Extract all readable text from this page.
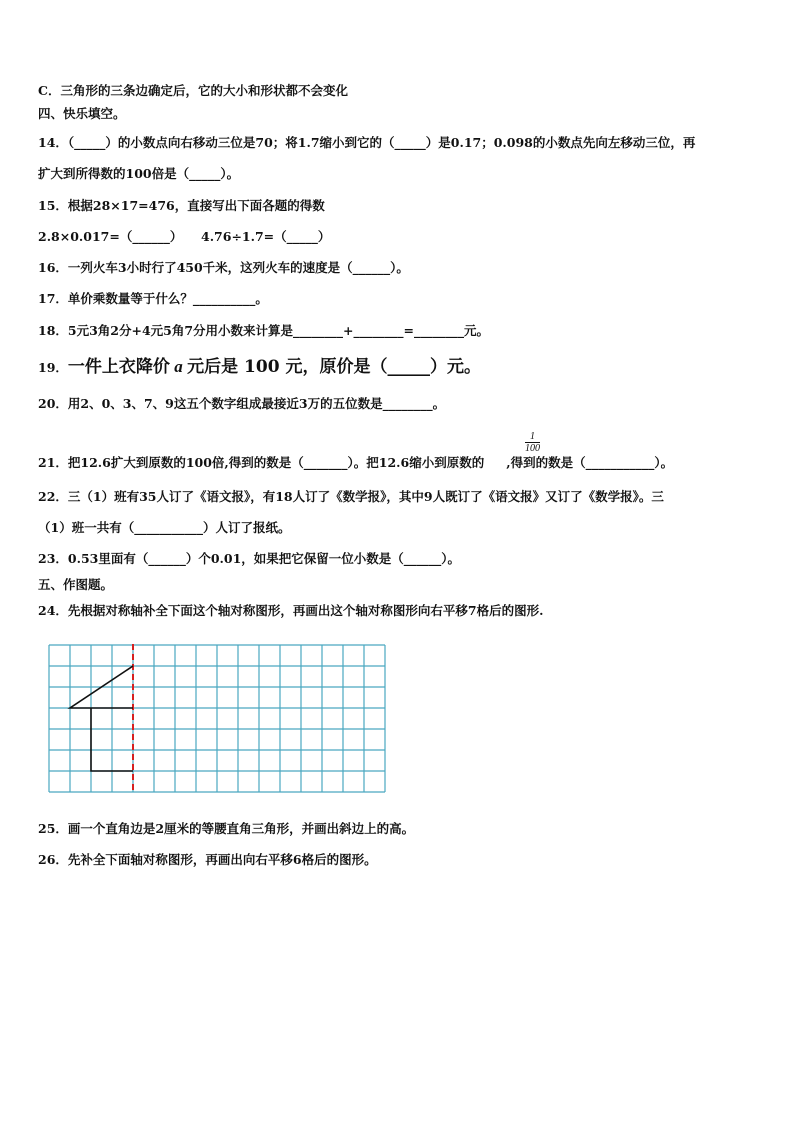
C．三角形的三条边确定后，它的大小和形状都不会变化
四、快乐填空。
14．（_____）的小数点向右移动三位是70；将1.7缩小到它的（_____）是0.17；0.098的小数点先向左移动三位，再
扩大到所得数的100倍是（_____）。
15．根据28×17=476，直接写出下面各题的得数
2.8×0.017=（______） 4.76÷1.7=（_____）
16．一列火车3小时行了450千米，这列火车的速度是（______）。
17．单价乘数量等于什么？__________。
18．5元3角2分+4元5角7分用小数来计算是________+________=________元。
19．一件上衣降价 a 元后是 100 元，原价是（_____）元。
20．用2、0、3、7、9这五个数字组成最接近3万的五位数是________。
21．把12.6扩大到原数的100倍,得到的数是（_______）。把12.6缩小到原数的 ,得到的数是（___________）。
$\frac{1}{100}$
22．三（1）班有35人订了《语文报》，有18人订了《数学报》，其中9人既订了《语文报》又订了《数学报》。三
（1）班一共有（___________）人订了报纸。
23．0.53里面有（______）个0.01，如果把它保留一位小数是（______）。
五、作图题。
24．先根据对称轴补全下面这个轴对称图形，再画出这个轴对称图形向右平移7格后的图形.
25．画一个直角边是2厘米的等腰直角三角形，并画出斜边上的高。
26．先补全下面轴对称图形，再画出向右平移6格后的图形。
